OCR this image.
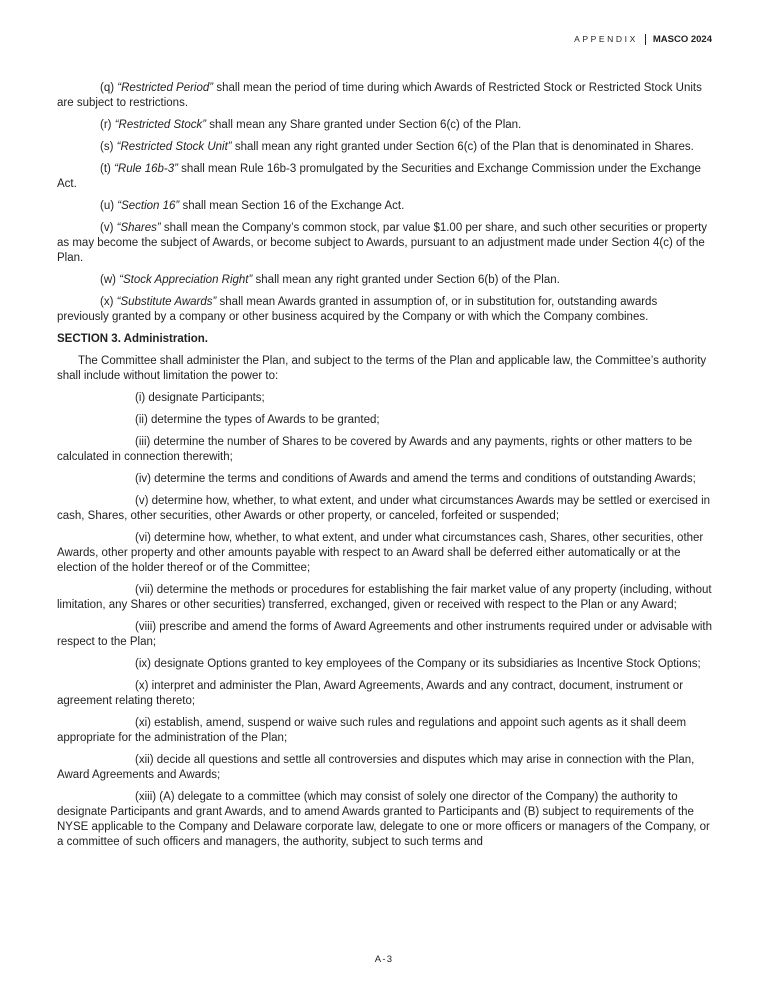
APPENDIX MASCO 2024

(q) “Restricted Period” shall mean the period of time during which Awards of Restricted Stock or Restricted Stock Units are subject to restrictions.

(r) “Restricted Stock” shall mean any Share granted under Section 6(c) of the Plan.

(s) “Restricted Stock Unit” shall mean any right granted under Section 6(c) of the Plan that is denominated in Shares.

(t) “Rule 16b-3” shall mean Rule 16b-3 promulgated by the Securities and Exchange Commission under the Exchange Act.

(u) “Section 16” shall mean Section 16 of the Exchange Act.

(v) “Shares” shall mean the Company’s common stock, par value $1.00 per share, and such other securities or property as may become the subject of Awards, or become subject to Awards, pursuant to an adjustment made under Section 4(c) of the Plan.

(w) “Stock Appreciation Right” shall mean any right granted under Section 6(b) of the Plan.

(x) “Substitute Awards” shall mean Awards granted in assumption of, or in substitution for, outstanding awards previously granted by a company or other business acquired by the Company or with which the Company combines.

SECTION 3. Administration.

The Committee shall administer the Plan, and subject to the terms of the Plan and applicable law, the Committee’s authority shall include without limitation the power to:

(i) designate Participants;

(ii) determine the types of Awards to be granted;

(iii) determine the number of Shares to be covered by Awards and any payments, rights or other matters to be calculated in connection therewith;

(iv) determine the terms and conditions of Awards and amend the terms and conditions of outstanding Awards;

(v) determine how, whether, to what extent, and under what circumstances Awards may be settled or exercised in cash, Shares, other securities, other Awards or other property, or canceled, forfeited or suspended;

(vi) determine how, whether, to what extent, and under what circumstances cash, Shares, other securities, other Awards, other property and other amounts payable with respect to an Award shall be deferred either automatically or at the election of the holder thereof or of the Committee;

(vii) determine the methods or procedures for establishing the fair market value of any property (including, without limitation, any Shares or other securities) transferred, exchanged, given or received with respect to the Plan or any Award;

(viii) prescribe and amend the forms of Award Agreements and other instruments required under or advisable with respect to the Plan;

(ix) designate Options granted to key employees of the Company or its subsidiaries as Incentive Stock Options;

(x) interpret and administer the Plan, Award Agreements, Awards and any contract, document, instrument or agreement relating thereto;

(xi) establish, amend, suspend or waive such rules and regulations and appoint such agents as it shall deem appropriate for the administration of the Plan;

(xii) decide all questions and settle all controversies and disputes which may arise in connection with the Plan, Award Agreements and Awards;

(xiii) (A) delegate to a committee (which may consist of solely one director of the Company) the authority to designate Participants and grant Awards, and to amend Awards granted to Participants and (B) subject to requirements of the NYSE applicable to the Company and Delaware corporate law, delegate to one or more officers or managers of the Company, or a committee of such officers and managers, the authority, subject to such terms and

A-3
